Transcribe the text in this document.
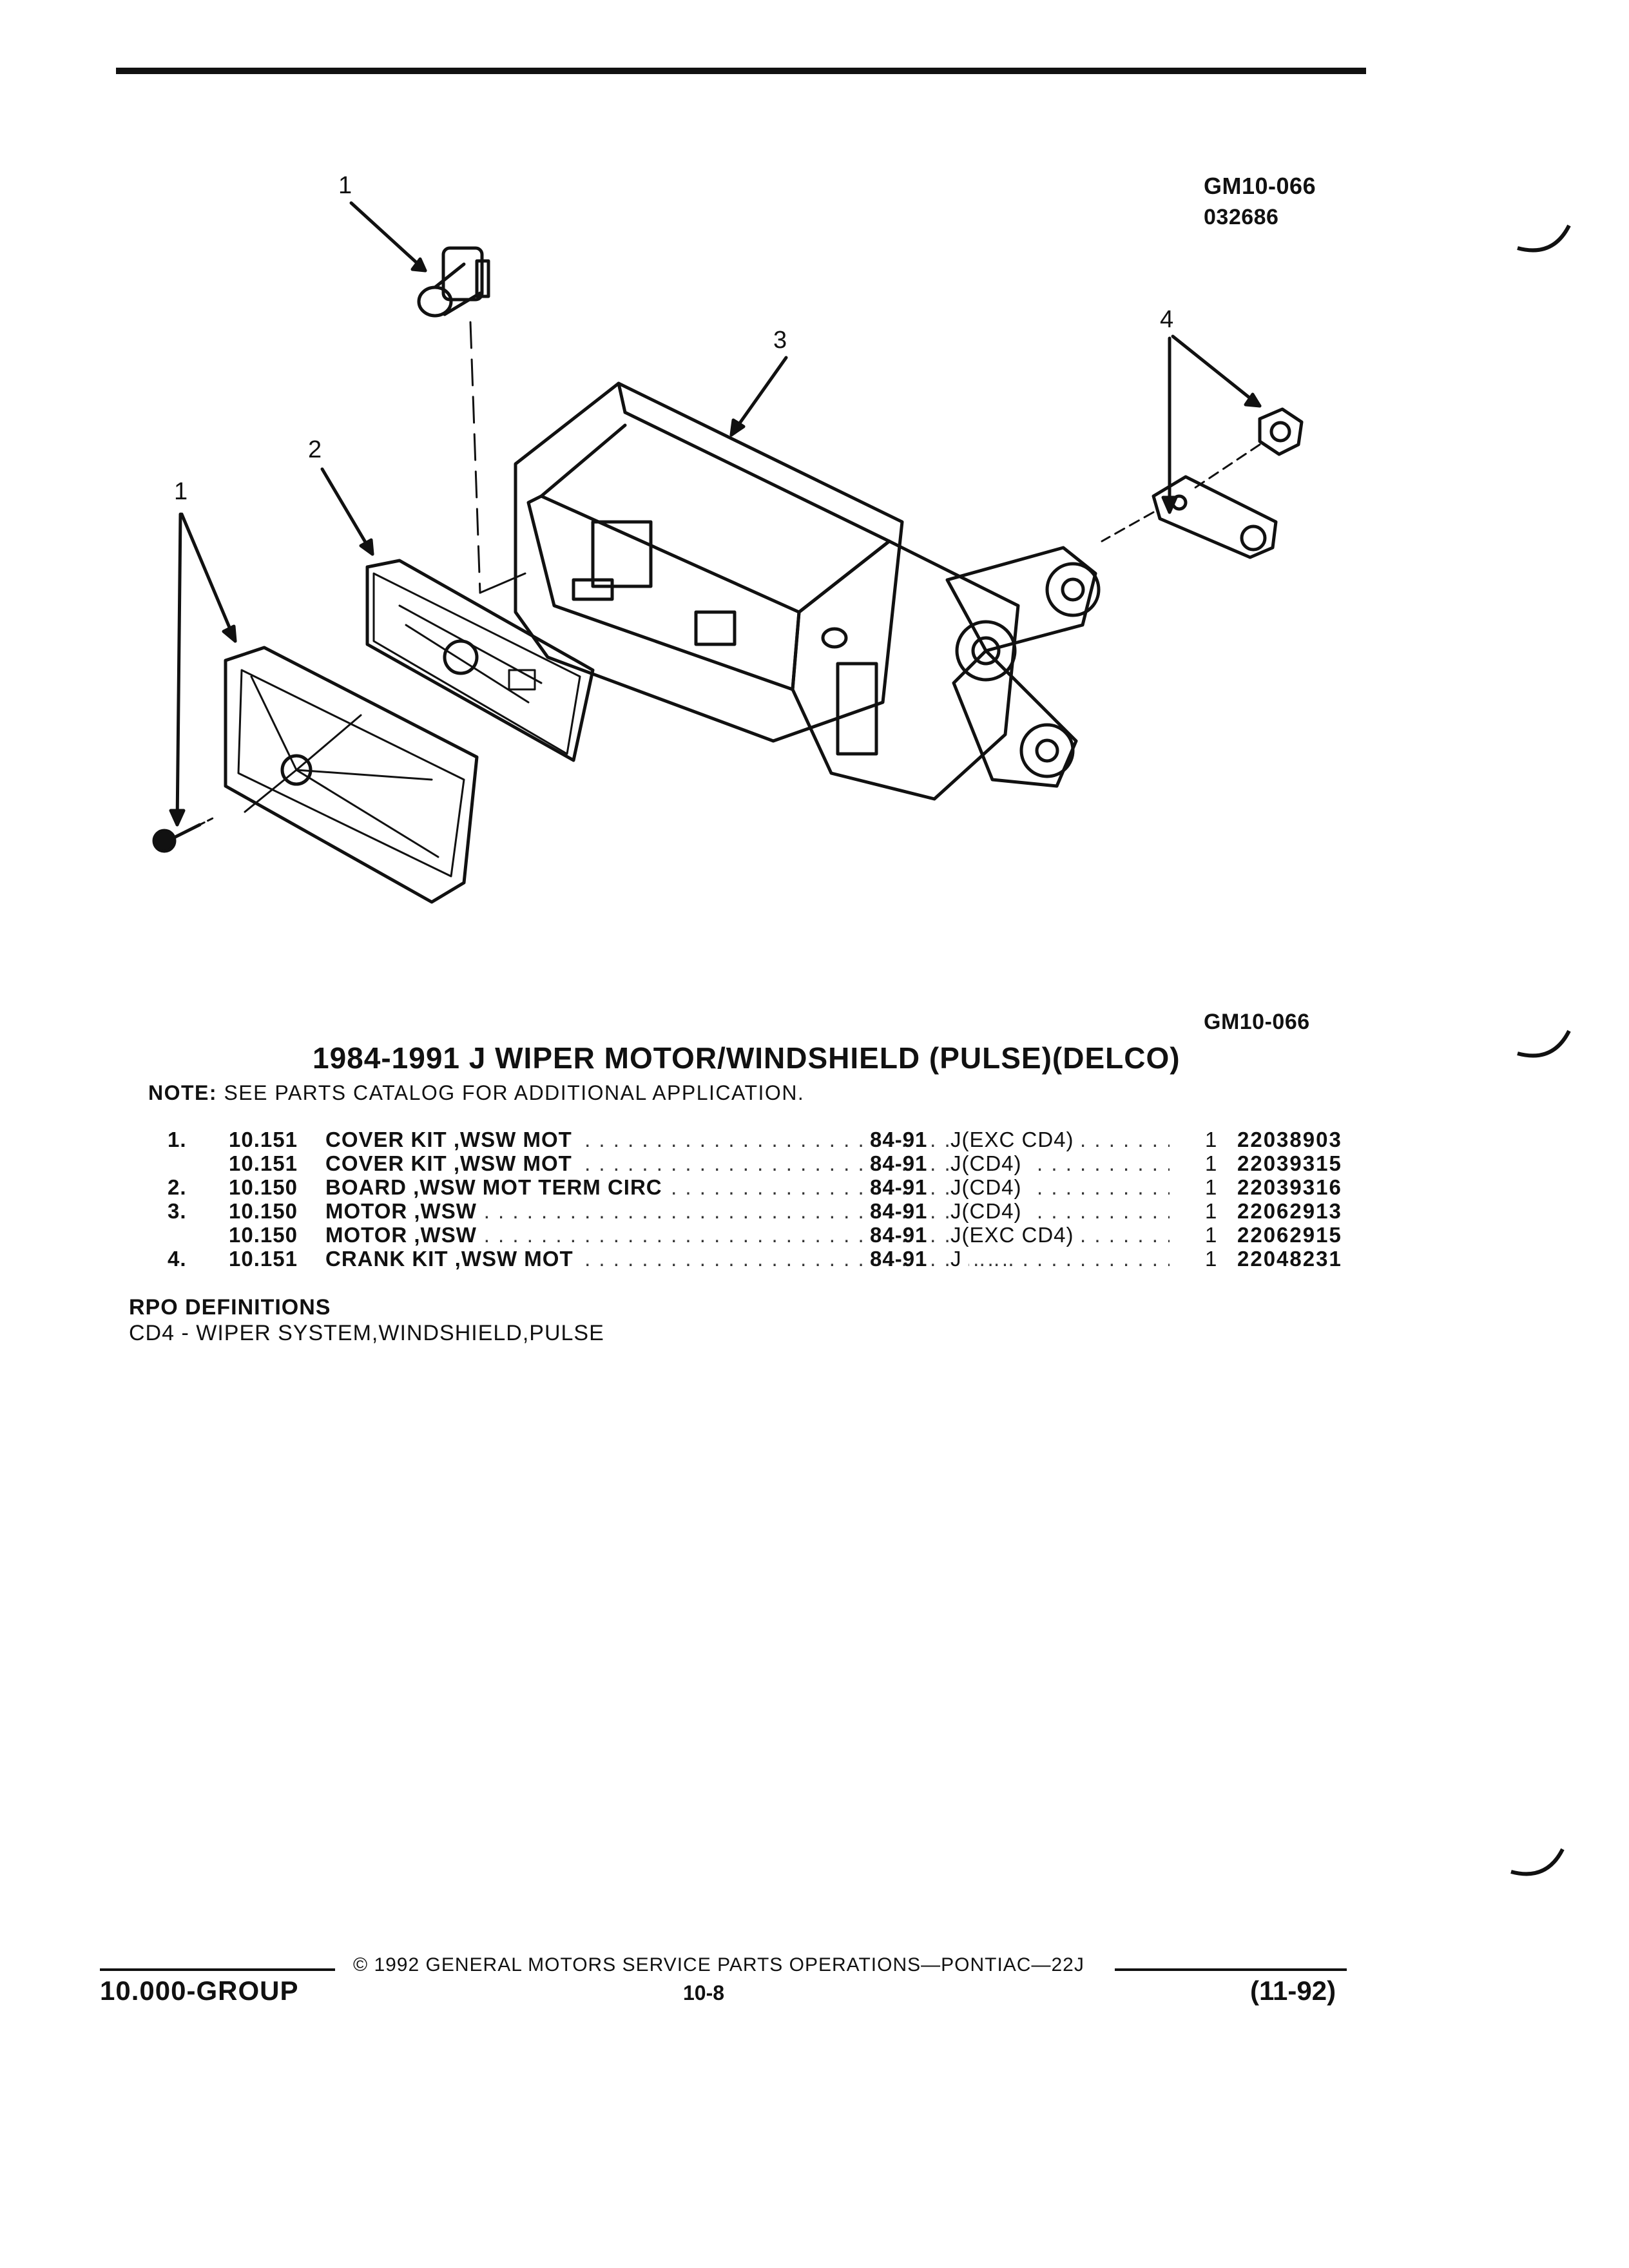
GM10-066
032686
1
3
4
2
1
GM10-066
1984-1991 J WIPER MOTOR/WINDSHIELD (PULSE)(DELCO)
NOTE: SEE PARTS CATALOG FOR ADDITIONAL APPLICATION.
1. 10.151 COVER KIT ,WSW MOT . . .	84-91 J(EXC CD4) . . .	1 22038903
10.151 COVER KIT ,WSW MOT . . .	84-91 J(CD4) . . .	1 22039315
2. 10.150 BOARD ,WSW MOT TERM CIRC . . .	84-91 J(CD4) . . .	1 22039316
3. 10.150 MOTOR ,WSW . . .	84-91 J(CD4) . . .	1 22062913
10.150 MOTOR ,WSW . . .	84-91 J(EXC CD4) . . .	1 22062915
4. 10.151 CRANK KIT ,WSW MOT . . .	84-91 J . . .	1 22048231
RPO DEFINITIONS
CD4 - WIPER SYSTEM,WINDSHIELD,PULSE
© 1992 GENERAL MOTORS SERVICE PARTS OPERATIONS—PONTIAC—22J
10.000-GROUP	10-8	(11-92)
